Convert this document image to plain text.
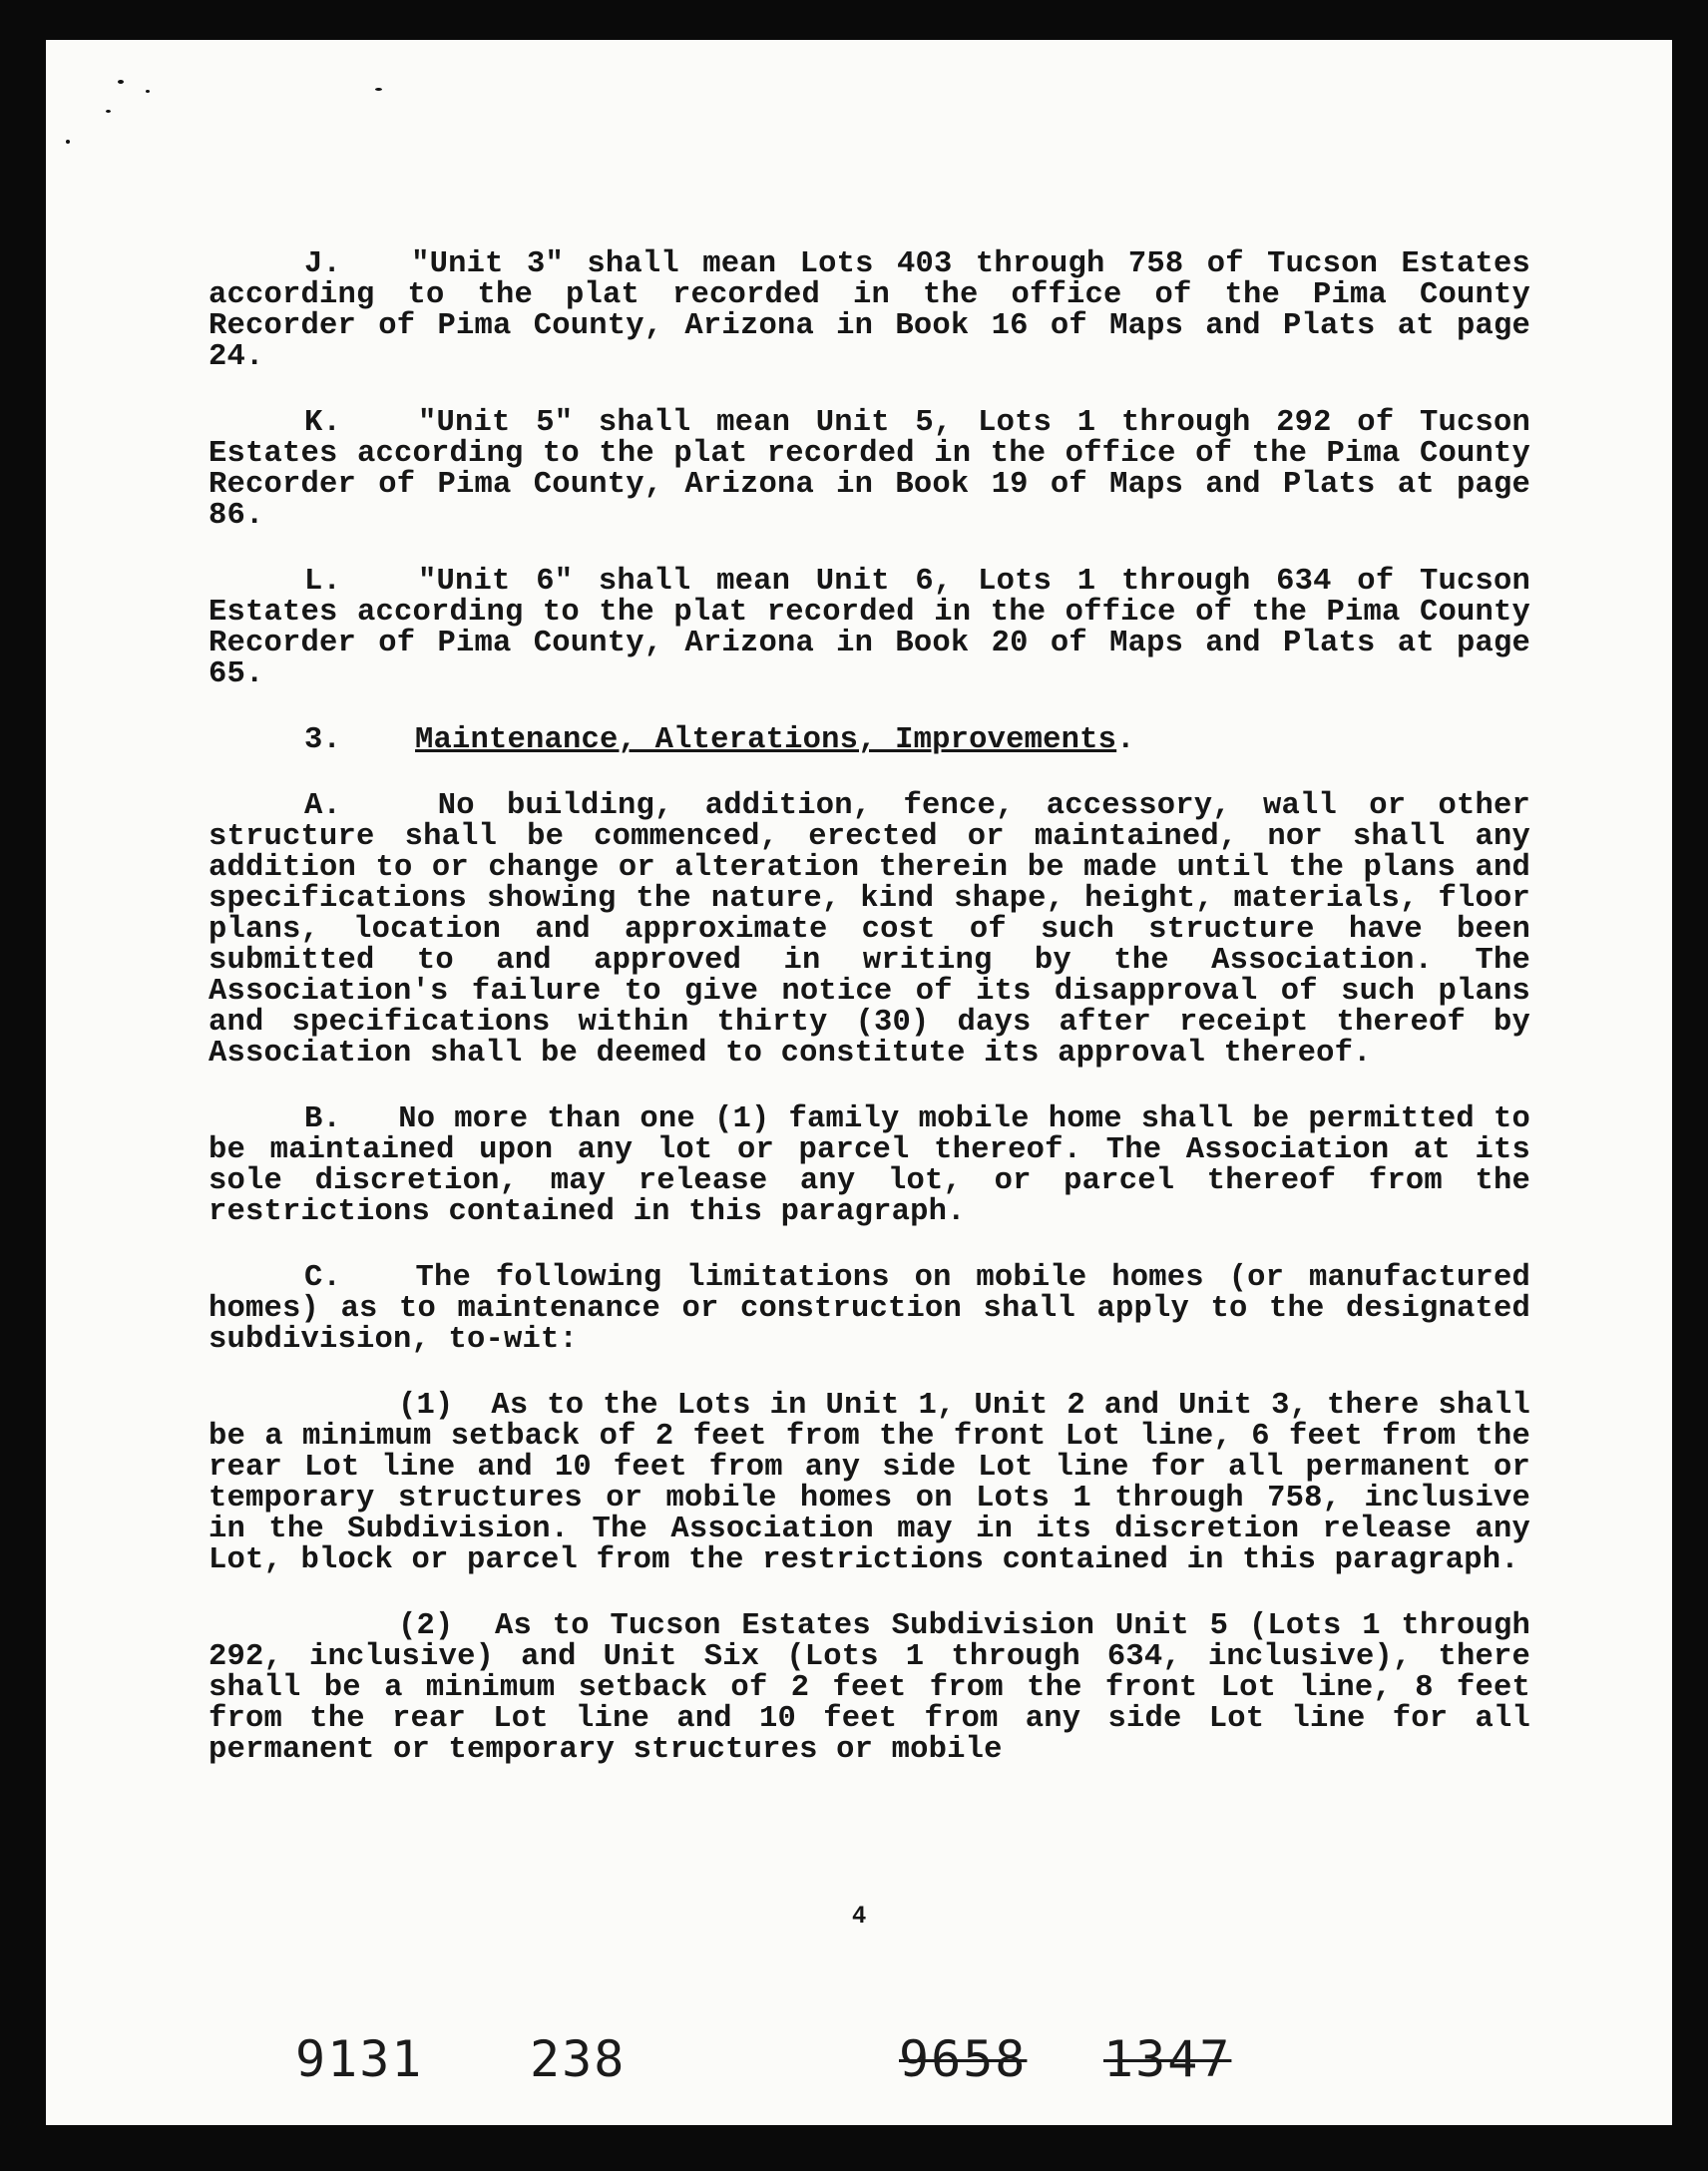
J. "Unit 3" shall mean Lots 403 through 758 of Tucson Estates according to the plat recorded in the office of the Pima County Recorder of Pima County, Arizona in Book 16 of Maps and Plats at page 24.

K.	"Unit 5" shall mean Unit 5, Lots 1 through 292 of Tucson Estates according to the plat recorded in the office of the Pima County Recorder of Pima County, Arizona in Book 19 of Maps and Plats at page 86.

L.	"Unit 6" shall mean Unit 6, Lots 1 through 634 of Tucson Estates according to the plat recorded in the office of the Pima County Recorder of Pima County, Arizona in Book 20 of Maps and Plats at page 65.

3. Maintenance, Alterations, Improvements.

A.	No building, addition, fence, accessory, wall or other structure shall be commenced, erected or maintained, nor shall any addition to or change or alteration therein be made until the plans and specifications showing the nature, kind shape, height, materials, floor plans, location and approximate cost of such structure have been submitted to and approved in writing by the Association. The Association's failure to give notice of its disapproval of such plans and specifications within thirty (30) days after receipt thereof by Association shall be deemed to constitute its approval thereof.

B. No more than one (1) family mobile home shall be permitted to be maintained upon any lot or parcel thereof. The Association at its sole discretion, may release any lot, or parcel thereof from the restrictions contained in this paragraph.

C. The following limitations on mobile homes (or manufactured homes) as to maintenance or construction shall apply to the designated subdivision, to-wit:

(1) As to the Lots in Unit 1, Unit 2 and Unit 3, there shall be a minimum setback of 2 feet from the front Lot line, 6 feet from the rear Lot line and 10 feet from any side Lot line for all permanent or temporary structures or mobile homes on Lots 1 through 758, inclusive in the Subdivision. The Association may in its discretion release any Lot, block or parcel from the restrictions contained in this paragraph.

(2) As to Tucson Estates Subdivision Unit 5 (Lots 1 through 292, inclusive) and Unit Six (Lots 1 through 634, inclusive), there shall be a minimum setback of 2 feet from the front Lot line, 8 feet from the rear Lot line and 10 feet from any side Lot line for all permanent or temporary structures or mobile

4
9131 238	9658 1347
